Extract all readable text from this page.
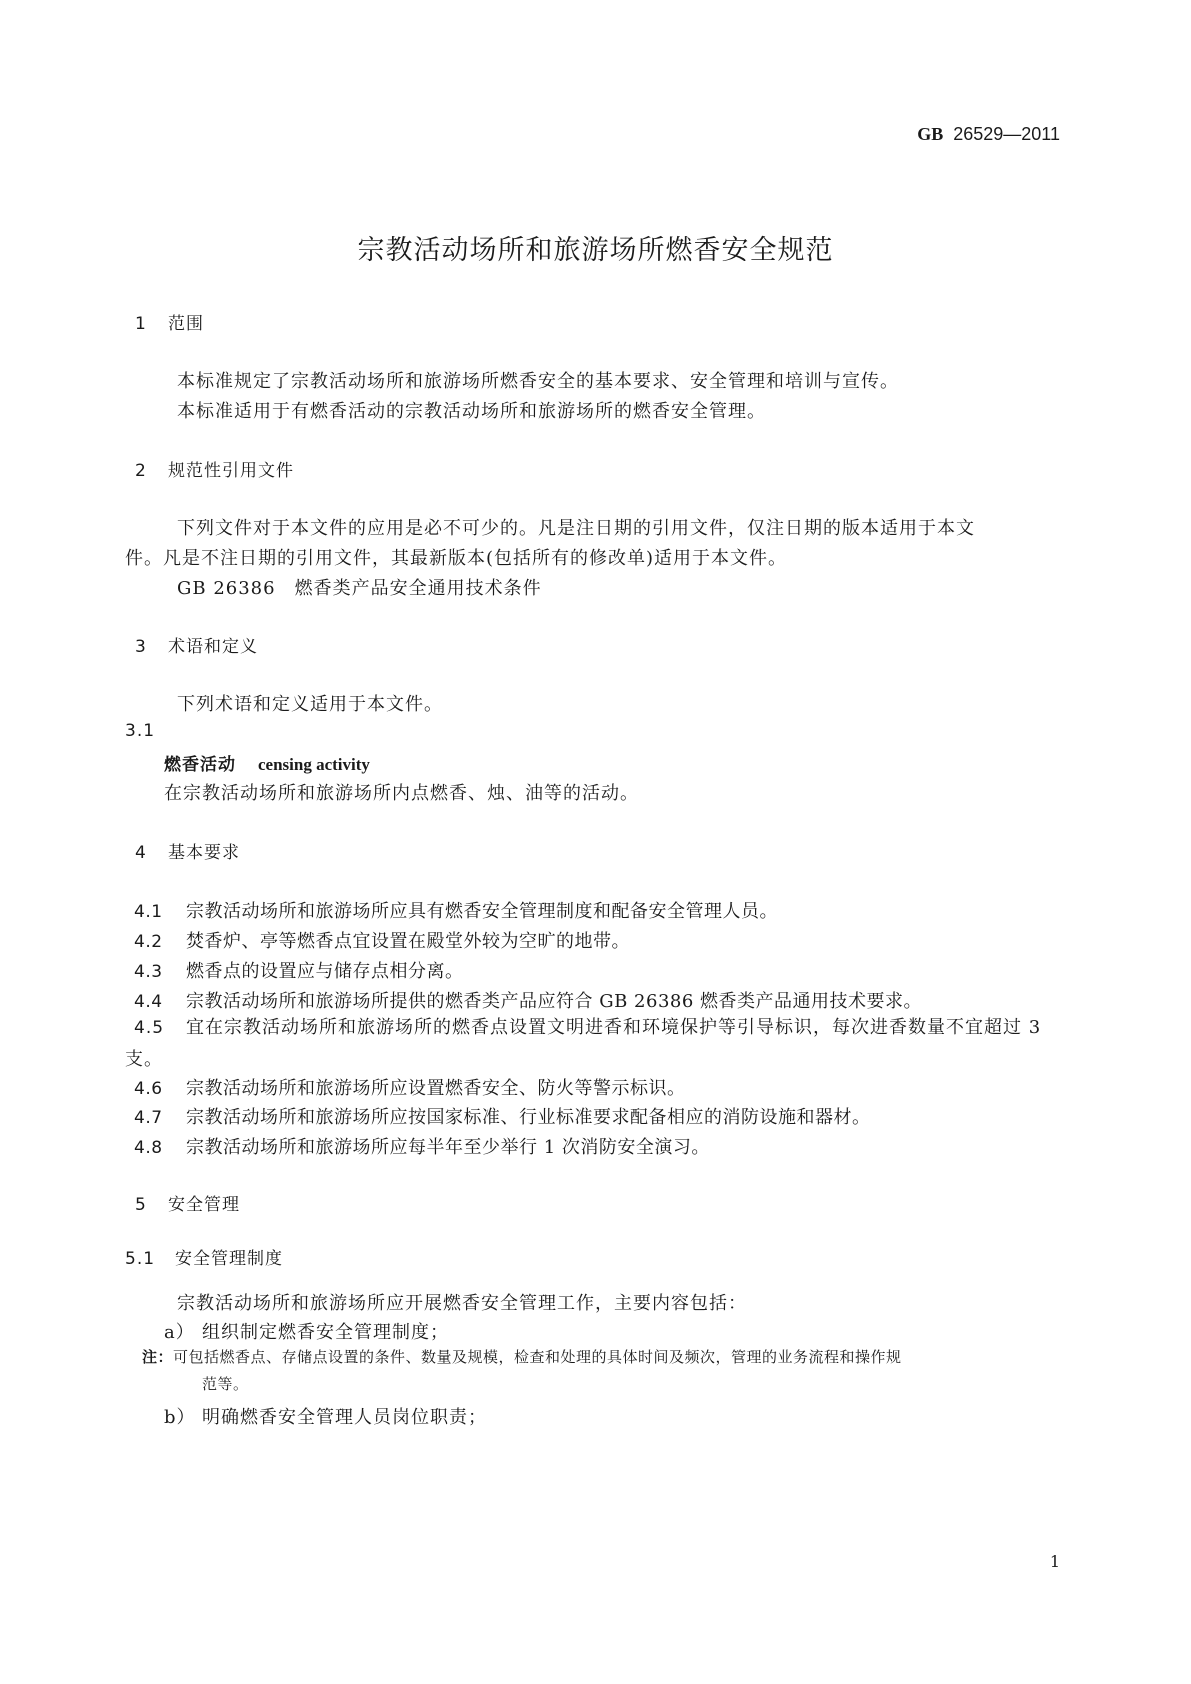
GB 26529—2011
宗教活动场所和旅游场所燃香安全规范
1 范围
本标准规定了宗教活动场所和旅游场所燃香安全的基本要求、安全管理和培训与宣传。
本标准适用于有燃香活动的宗教活动场所和旅游场所的燃香安全管理。
2 规范性引用文件
下列文件对于本文件的应用是必不可少的。凡是注日期的引用文件，仅注日期的版本适用于本文
件。凡是不注日期的引用文件，其最新版本(包括所有的修改单)适用于本文件。
GB 26386　燃香类产品安全通用技术条件
3 术语和定义
下列术语和定义适用于本文件。
3.1
燃香活动 censing activity
在宗教活动场所和旅游场所内点燃香、烛、油等的活动。
4 基本要求
4.1 宗教活动场所和旅游场所应具有燃香安全管理制度和配备安全管理人员。
4.2 焚香炉、亭等燃香点宜设置在殿堂外较为空旷的地带。
4.3 燃香点的设置应与储存点相分离。
4.4 宗教活动场所和旅游场所提供的燃香类产品应符合 GB 26386 燃香类产品通用技术要求。
4.5 宜在宗教活动场所和旅游场所的燃香点设置文明进香和环境保护等引导标识，每次进香数量不宜超过 3 支。
4.6 宗教活动场所和旅游场所应设置燃香安全、防火等警示标识。
4.7 宗教活动场所和旅游场所应按国家标准、行业标准要求配备相应的消防设施和器材。
4.8 宗教活动场所和旅游场所应每半年至少举行 1 次消防安全演习。
5 安全管理
5.1 安全管理制度
宗教活动场所和旅游场所应开展燃香安全管理工作，主要内容包括：
a） 组织制定燃香安全管理制度；
注：可包括燃香点、存储点设置的条件、数量及规模，检查和处理的具体时间及频次，管理的业务流程和操作规
范等。
b） 明确燃香安全管理人员岗位职责；
1
